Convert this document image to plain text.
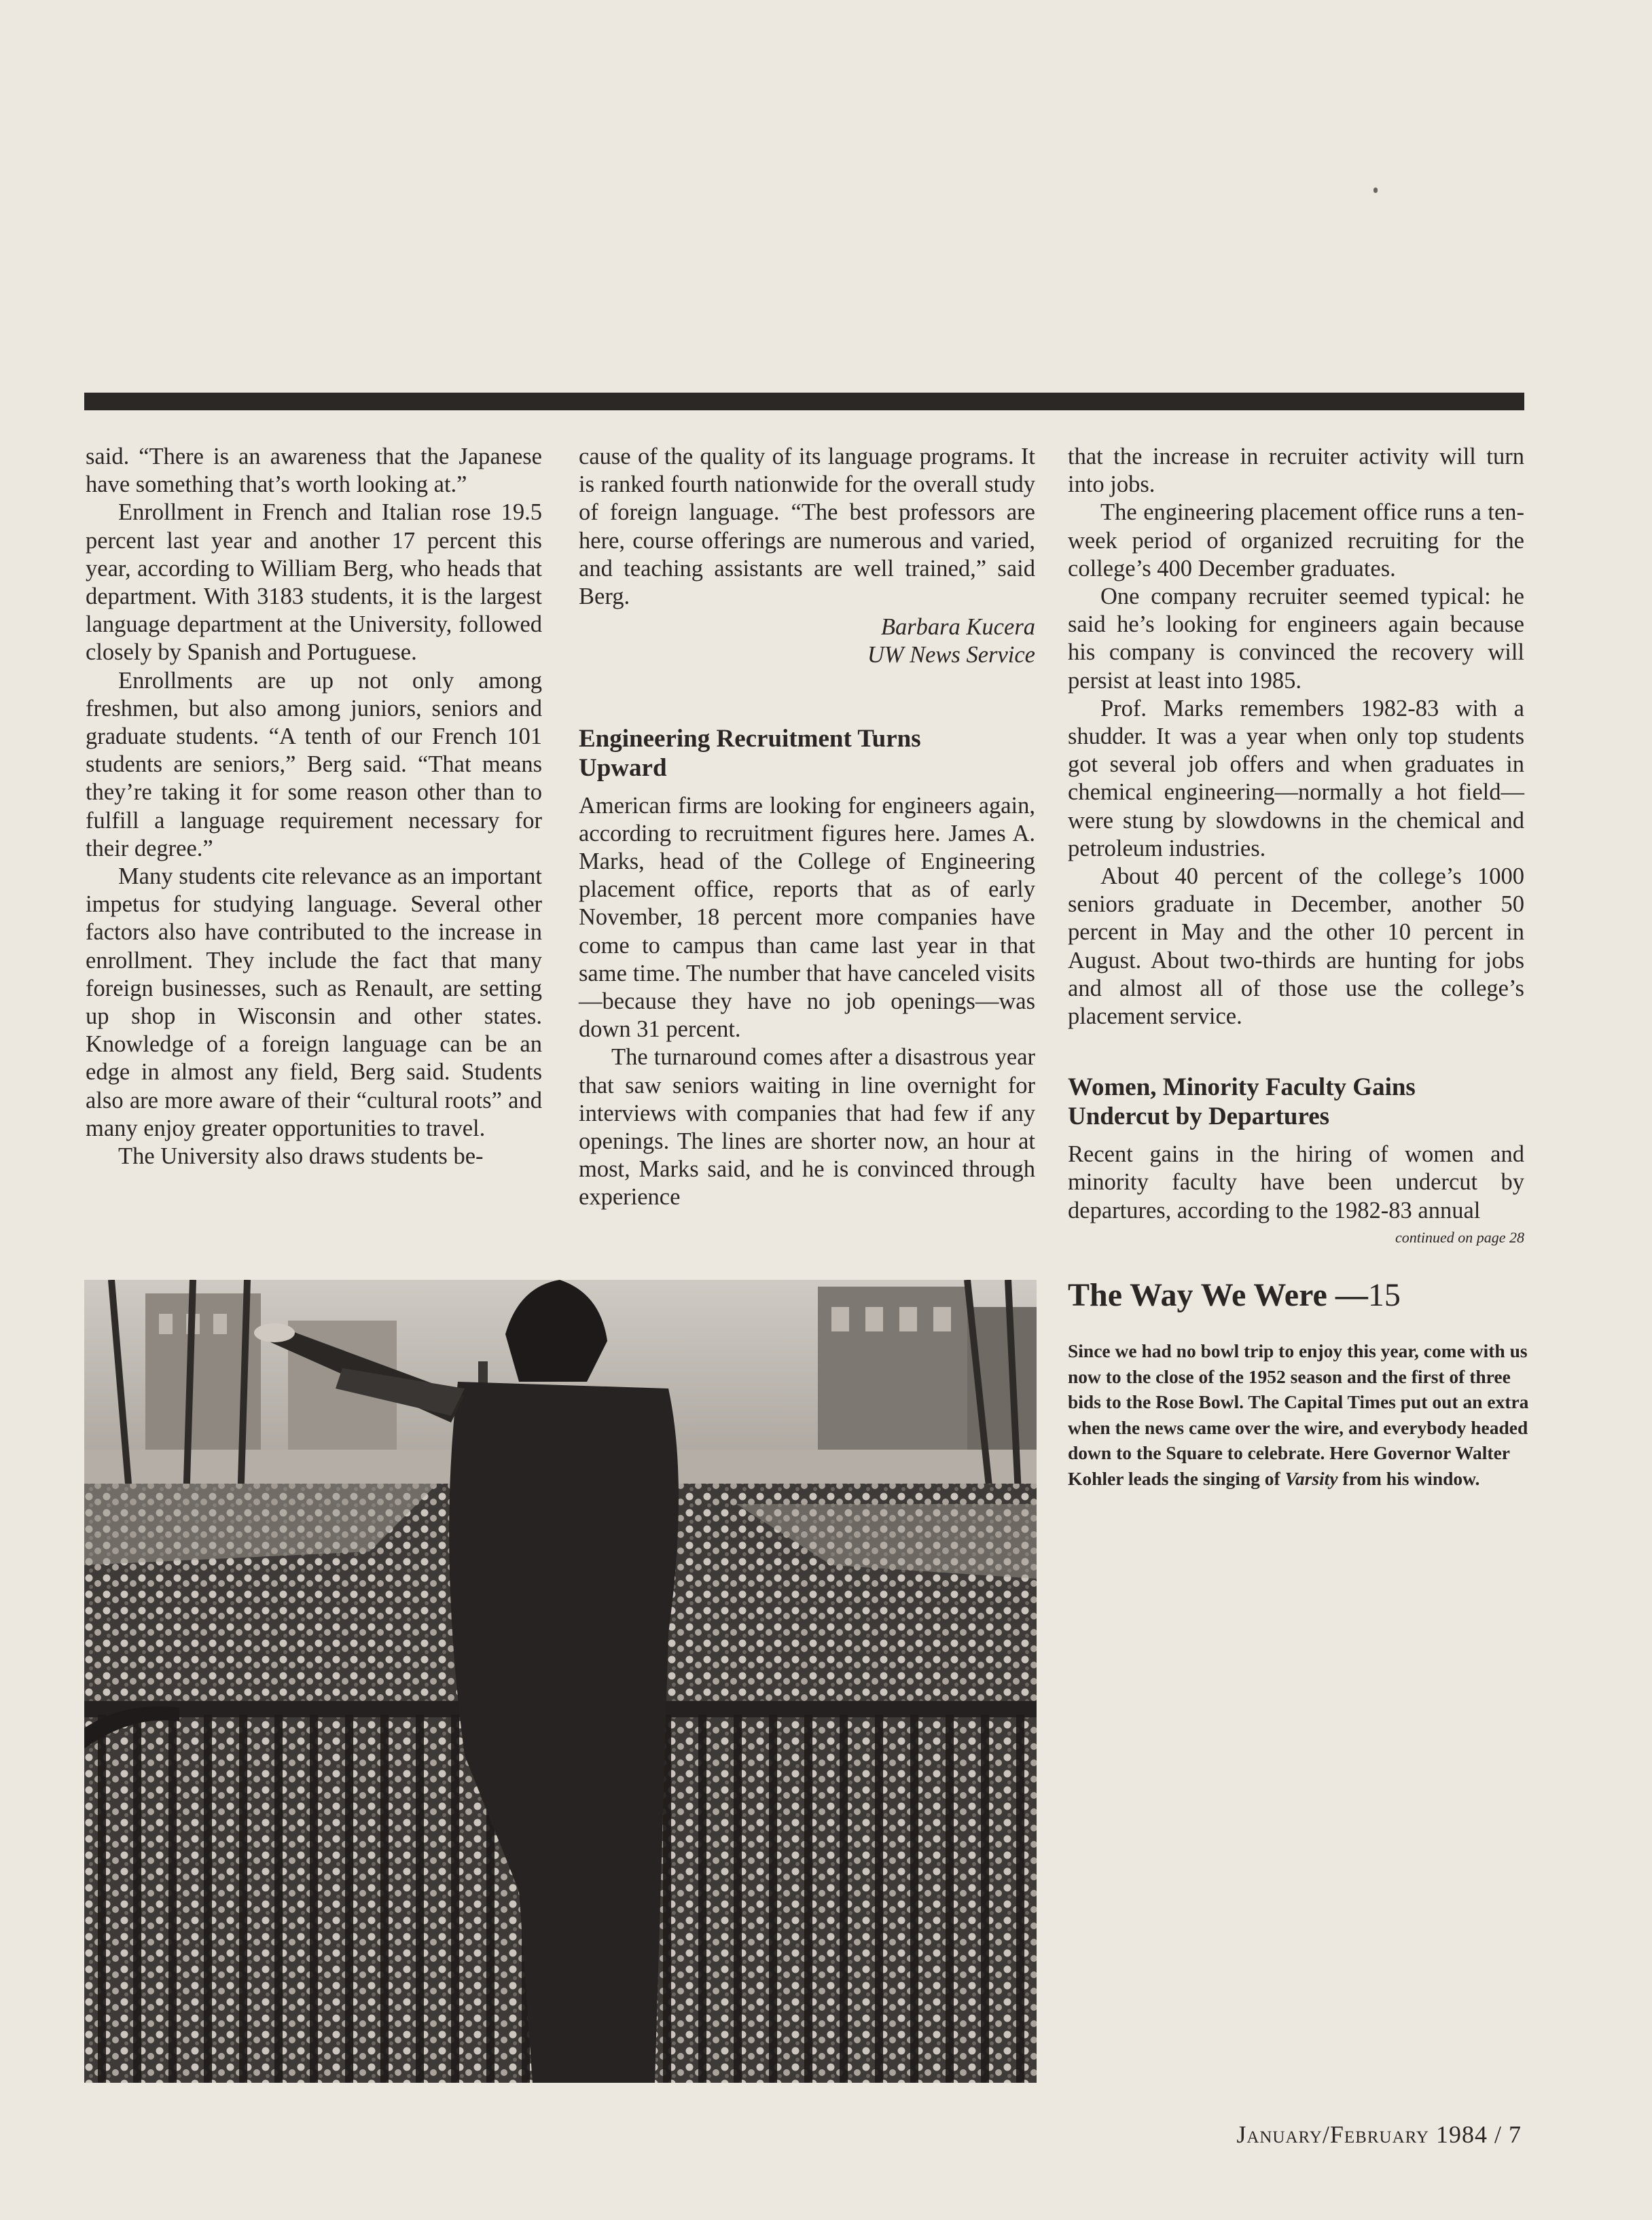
said. “There is an awareness that the Japanese have something that’s worth looking at.”

Enrollment in French and Italian rose 19.5 percent last year and another 17 percent this year, according to William Berg, who heads that department. With 3183 students, it is the largest language department at the University, followed closely by Spanish and Portuguese.

Enrollments are up not only among freshmen, but also among juniors, seniors and graduate students. “A tenth of our French 101 students are seniors,” Berg said. “That means they’re taking it for some reason other than to fulfill a language requirement necessary for their degree.”

Many students cite relevance as an important impetus for studying language. Several other factors also have contributed to the increase in enrollment. They include the fact that many foreign businesses, such as Renault, are setting up shop in Wisconsin and other states. Knowledge of a foreign language can be an edge in almost any field, Berg said. Students also are more aware of their “cultural roots” and many enjoy greater opportunities to travel.

The University also draws students be-

cause of the quality of its language programs. It is ranked fourth nationwide for the overall study of foreign language. “The best professors are here, course offerings are numerous and varied, and teaching assistants are well trained,” said Berg.

Barbara Kucera
UW News Service
Engineering Recruitment Turns Upward

American firms are looking for engineers again, according to recruitment figures here. James A. Marks, head of the College of Engineering placement office, reports that as of early November, 18 percent more companies have come to campus than came last year in that same time. The number that have canceled visits—because they have no job openings—was down 31 percent.

The turnaround comes after a disastrous year that saw seniors waiting in line overnight for interviews with companies that had few if any openings. The lines are shorter now, an hour at most, Marks said, and he is convinced through experience

that the increase in recruiter activity will turn into jobs.

The engineering placement office runs a ten-week period of organized recruiting for the college’s 400 December graduates.

One company recruiter seemed typical: he said he’s looking for engineers again because his company is convinced the recovery will persist at least into 1985.

Prof. Marks remembers 1982-83 with a shudder. It was a year when only top students got several job offers and when graduates in chemical engineering—normally a hot field—were stung by slowdowns in the chemical and petroleum industries.

About 40 percent of the college’s 1000 seniors graduate in December, another 50 percent in May and the other 10 percent in August. About two-thirds are hunting for jobs and almost all of those use the college’s placement service.

Women, Minority Faculty Gains Undercut by Departures

Recent gains in the hiring of women and minority faculty have been undercut by departures, according to the 1982-83 annual

continued on page 28
The Way We Were —15
Since we had no bowl trip to enjoy this year, come with us now to the close of the 1952 season and the first of three bids to the Rose Bowl. The Capital Times put out an extra when the news came over the wire, and everybody headed down to the Square to celebrate. Here Governor Walter Kohler leads the singing of Varsity from his window.
January/February 1984 / 7
